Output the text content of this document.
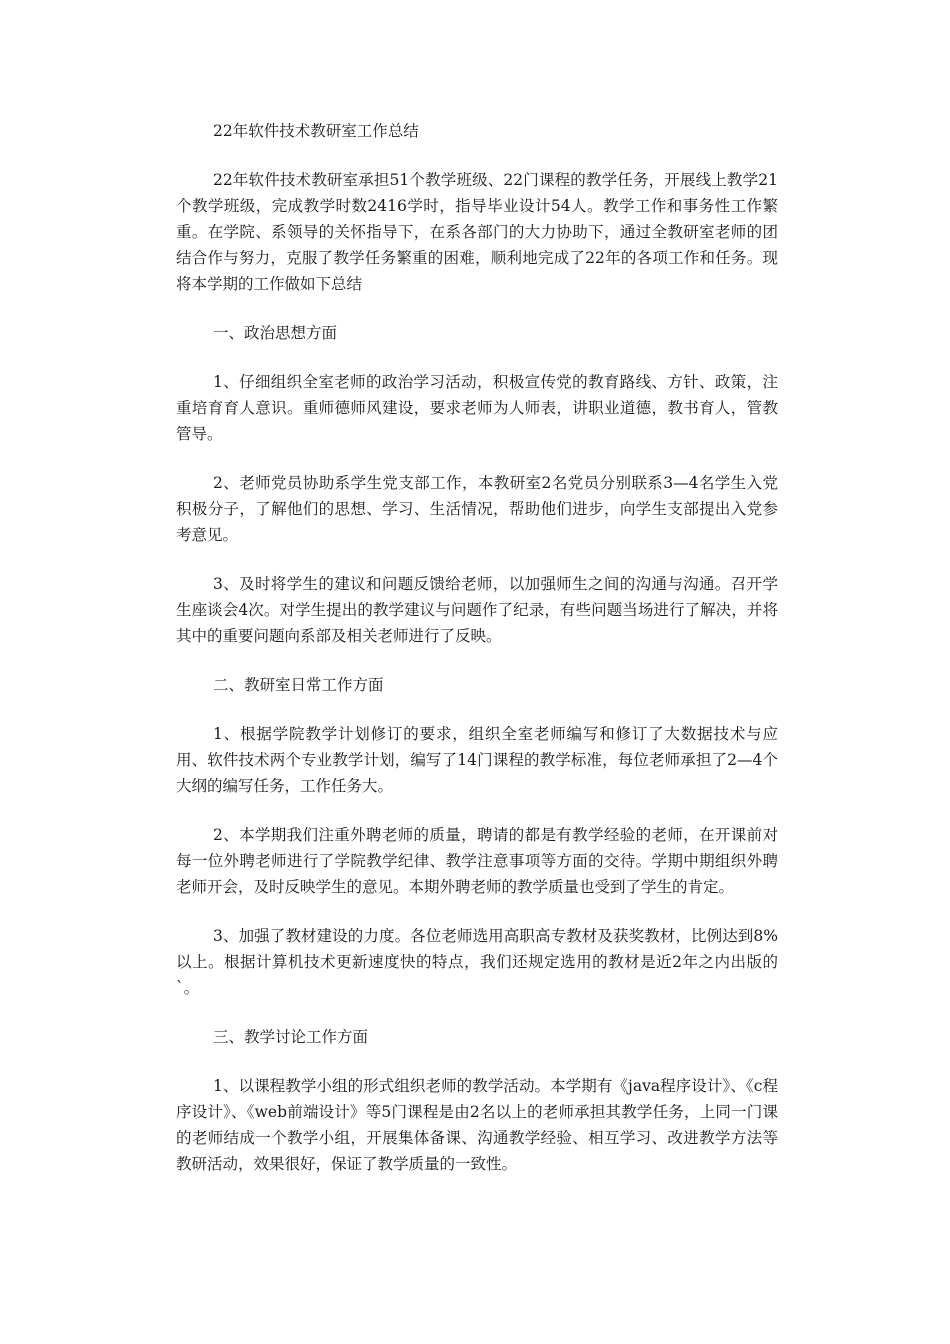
22年软件技术教研室工作总结

22年软件技术教研室承担51个教学班级、22门课程的教学任务，开展线上教学21个教学班级，完成教学时数2416学时，指导毕业设计54人。教学工作和事务性工作繁重。在学院、系领导的关怀指导下，在系各部门的大力协助下，通过全教研室老师的团结合作与努力，克服了教学任务繁重的困难，顺利地完成了22年的各项工作和任务。现将本学期的工作做如下总结

一、政治思想方面

1、仔细组织全室老师的政治学习活动，积极宣传党的教育路线、方针、政策，注重培育育人意识。重师德师风建设，要求老师为人师表，讲职业道德，教书育人，管教管导。

2、老师党员协助系学生党支部工作，本教研室2名党员分别联系3—4名学生入党积极分子，了解他们的思想、学习、生活情况，帮助他们进步，向学生支部提出入党参考意见。

3、及时将学生的建议和问题反馈给老师，以加强师生之间的沟通与沟通。召开学生座谈会4次。对学生提出的教学建议与问题作了纪录，有些问题当场进行了解决，并将其中的重要问题向系部及相关老师进行了反映。

二、教研室日常工作方面

1、根据学院教学计划修订的要求，组织全室老师编写和修订了大数据技术与应用、软件技术两个专业教学计划，编写了14门课程的教学标准，每位老师承担了2—4个大纲的编写任务，工作任务大。

2、本学期我们注重外聘老师的质量，聘请的都是有教学经验的老师，在开课前对每一位外聘老师进行了学院教学纪律、教学注意事项等方面的交待。学期中期组织外聘老师开会，及时反映学生的意见。本期外聘老师的教学质量也受到了学生的肯定。

3、加强了教材建设的力度。各位老师选用高职高专教材及获奖教材，比例达到8%以上。根据计算机技术更新速度快的特点，我们还规定选用的教材是近2年之内出版的`。

三、教学讨论工作方面

1、以课程教学小组的形式组织老师的教学活动。本学期有《java程序设计》、《c程序设计》、《web前端设计》等5门课程是由2名以上的老师承担其教学任务，上同一门课的老师结成一个教学小组，开展集体备课、沟通教学经验、相互学习、改进教学方法等教研活动，效果很好，保证了教学质量的一致性。
